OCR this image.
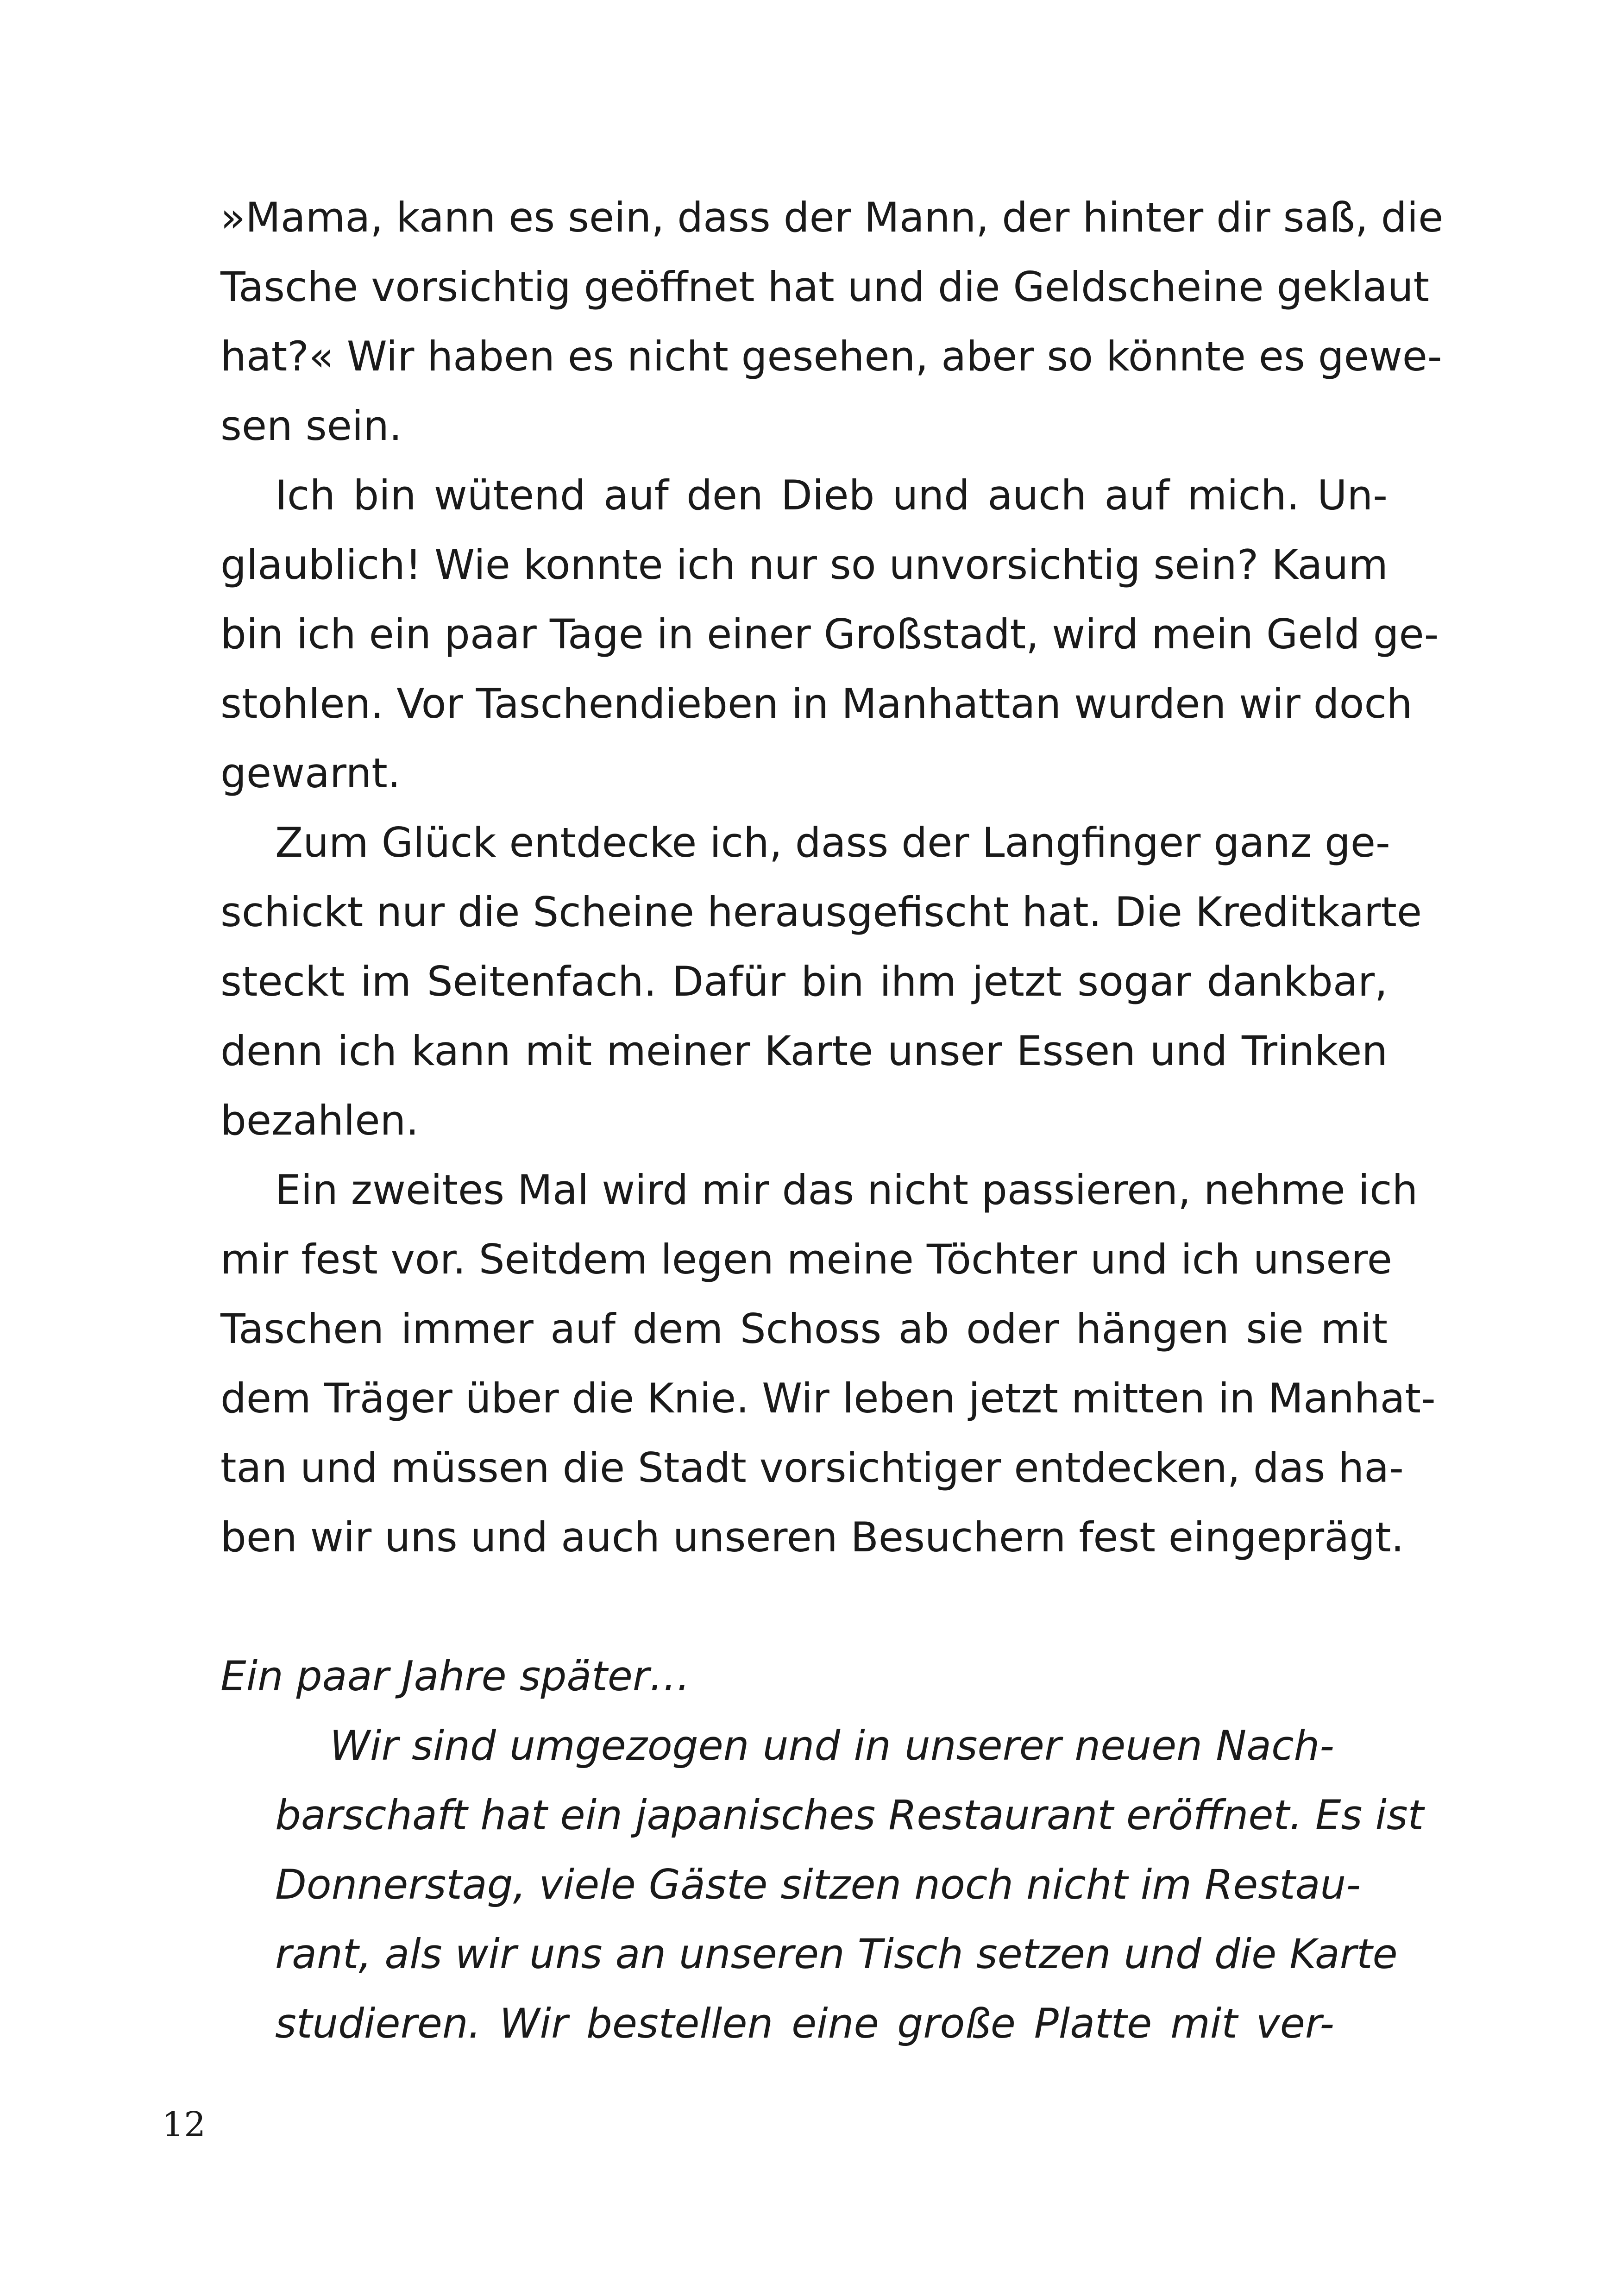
»Mama, kann es sein, dass der Mann, der hinter dir saß, die
Tasche vorsichtig geöffnet hat und die Geldscheine geklaut
hat?« Wir haben es nicht gesehen, aber so könnte es gewe-
sen sein.
Ich bin wütend auf den Dieb und auch auf mich. Un-
glaublich! Wie konnte ich nur so unvorsichtig sein? Kaum
bin ich ein paar Tage in einer Großstadt, wird mein Geld ge-
stohlen. Vor Taschendieben in Manhattan wurden wir doch
gewarnt.
Zum Glück entdecke ich, dass der Langfinger ganz ge-
schickt nur die Scheine herausgefischt hat. Die Kreditkarte
steckt im Seitenfach. Dafür bin ihm jetzt sogar dankbar,
denn ich kann mit meiner Karte unser Essen und Trinken
bezahlen.
Ein zweites Mal wird mir das nicht passieren, nehme ich
mir fest vor. Seitdem legen meine Töchter und ich unsere
Taschen immer auf dem Schoss ab oder hängen sie mit
dem Träger über die Knie. Wir leben jetzt mitten in Manhat-
tan und müssen die Stadt vorsichtiger entdecken, das ha-
ben wir uns und auch unseren Besuchern fest eingeprägt.
Ein paar Jahre später…
Wir sind umgezogen und in unserer neuen Nach-
barschaft hat ein japanisches Restaurant eröffnet. Es ist
Donnerstag, viele Gäste sitzen noch nicht im Restau-
rant, als wir uns an unseren Tisch setzen und die Karte
studieren. Wir bestellen eine große Platte mit ver-
12
